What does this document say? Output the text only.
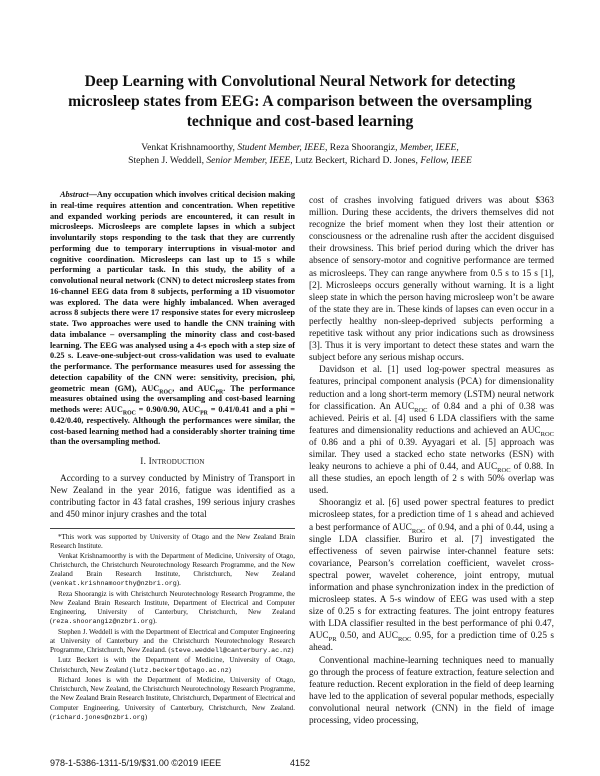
Deep Learning with Convolutional Neural Network for detecting microsleep states from EEG: A comparison between the oversampling technique and cost-based learning

Venkat Krishnamoorthy, Student Member, IEEE, Reza Shoorangiz, Member, IEEE,

Stephen J. Weddell, Senior Member, IEEE, Lutz Beckert, Richard D. Jones, Fellow, IEEE

Abstract—Any occupation which involves critical decision making in real-time requires attention and concentration. When repetitive and expanded working periods are encountered, it can result in microsleeps. Microsleeps are complete lapses in which a subject involuntarily stops responding to the task that they are currently performing due to temporary interruptions in visual-motor and cognitive coordination. Microsleeps can last up to 15 s while performing a particular task. In this study, the ability of a convolutional neural network (CNN) to detect microsleep states from 16-channel EEG data from 8 subjects, performing a 1D visuomotor was explored. The data were highly imbalanced. When averaged across 8 subjects there were 17 responsive states for every microsleep state. Two approaches were used to handle the CNN training with data imbalance – oversampling the minority class and cost-based learning. The EEG was analysed using a 4-s epoch with a step size of 0.25 s. Leave-one-subject-out cross-validation was used to evaluate the performance. The performance measures used for assessing the detection capability of the CNN were: sensitivity, precision, phi, geometric mean (GM), $AUC_{ROC}$, and $AUC_{PR}$. The performance measures obtained using the oversampling and cost-based learning methods were: $AUC_{ROC} = 0.90/0.90$, $AUC_{PR} = 0.41/0.41$ and a phi = 0.42/0.40, respectively. Although the performances were similar, the cost-based learning method had a considerably shorter training time than the oversampling method.

I. Introduction

According to a survey conducted by Ministry of Transport in New Zealand in the year 2016, fatigue was identified as a contributing factor in 43 fatal crashes, 199 serious injury crashes and 450 minor injury crashes and the total

*This work was supported by University of Otago and the New Zealand Brain Research Institute.

Venkat Krishnamoorthy is with the Department of Medicine, University of Otago, Christchurch, the Christchurch Neurotechnology Research Programme, and the New Zealand Brain Research Institute, Christchurch, New Zealand (venkat.krishnamoorthy@nzbri.org).

Reza Shoorangiz is with Christchurch Neurotechnology Research Programme, the New Zealand Brain Research Institute, Department of Electrical and Computer Engineering, University of Canterbury, Christchurch, New Zealand (reza.shoorangiz@nzbri.org).

Stephen J. Weddell is with the Department of Electrical and Computer Engineering at University of Canterbury and the Christchurch Neurotechnology Research Programme, Christchurch, New Zealand. (steve.weddell@canterbury.ac.nz)

Lutz Beckert is with the Department of Medicine, University of Otago, Christchurch, New Zealand (lutz.beckert@otago.ac.nz)

Richard Jones is with the Department of Medicine, University of Otago, Christchurch, New Zealand, the Christchurch Neurotechnology Research Programme, the New Zealand Brain Research Institute, Christchurch, Department of Electrical and Computer Engineering, University of Canterbury, Christchurch, New Zealand. (richard.jones@nzbri.org)

cost of crashes involving fatigued drivers was about $363 million. During these accidents, the drivers themselves did not recognize the brief moment when they lost their attention or consciousness or the adrenaline rush after the accident disguised their drowsiness. This brief period during which the driver has absence of sensory-motor and cognitive performance are termed as microsleeps. They can range anywhere from 0.5 s to 15 s [1],[2]. Microsleeps occurs generally without warning. It is a light sleep state in which the person having microsleep won’t be aware of the state they are in. These kinds of lapses can even occur in a perfectly healthy non-sleep-deprived subjects performing a repetitive task without any prior indications such as drowsiness [3]. Thus it is very important to detect these states and warn the subject before any serious mishap occurs.

Davidson et al. [1] used log-power spectral measures as features, principal component analysis (PCA) for dimensionality reduction and a long short-term memory (LSTM) neural network for classification. An $AUC_{ROC}$ of 0.84 and a phi of 0.38 was achieved. Peiris et al. [4] used 6 LDA classifiers with the same features and dimensionality reductions and achieved an $AUC_{ROC}$ of 0.86 and a phi of 0.39. Ayyagari et al. [5] approach was similar. They used a stacked echo state networks (ESN) with leaky neurons to achieve a phi of 0.44, and $AUC_{ROC}$ of 0.88. In all these studies, an epoch length of 2 s with 50% overlap was used.

Shoorangiz et al. [6] used power spectral features to predict microsleep states, for a prediction time of 1 s ahead and achieved a best performance of $AUC_{ROC}$ of 0.94, and a phi of 0.44, using a single LDA classifier. Buriro et al. [7] investigated the effectiveness of seven pairwise inter-channel feature sets: covariance, Pearson’s correlation coefficient, wavelet cross-spectral power, wavelet coherence, joint entropy, mutual information and phase synchronization index in the prediction of microsleep states. A 5-s window of EEG was used with a step size of 0.25 s for extracting features. The joint entropy features with LDA classifier resulted in the best performance of phi 0.47, $AUC_{PR}$ 0.50, and $AUC_{ROC}$ 0.95, for a prediction time of 0.25 s ahead.

Conventional machine-learning techniques need to manually go through the process of feature extraction, feature selection and feature reduction. Recent exploration in the field of deep learning have led to the application of several popular methods, especially convolutional neural network (CNN) in the field of image processing, video processing,

978-1-5386-1311-5/19/$31.00 ©2019 IEEE	4152
